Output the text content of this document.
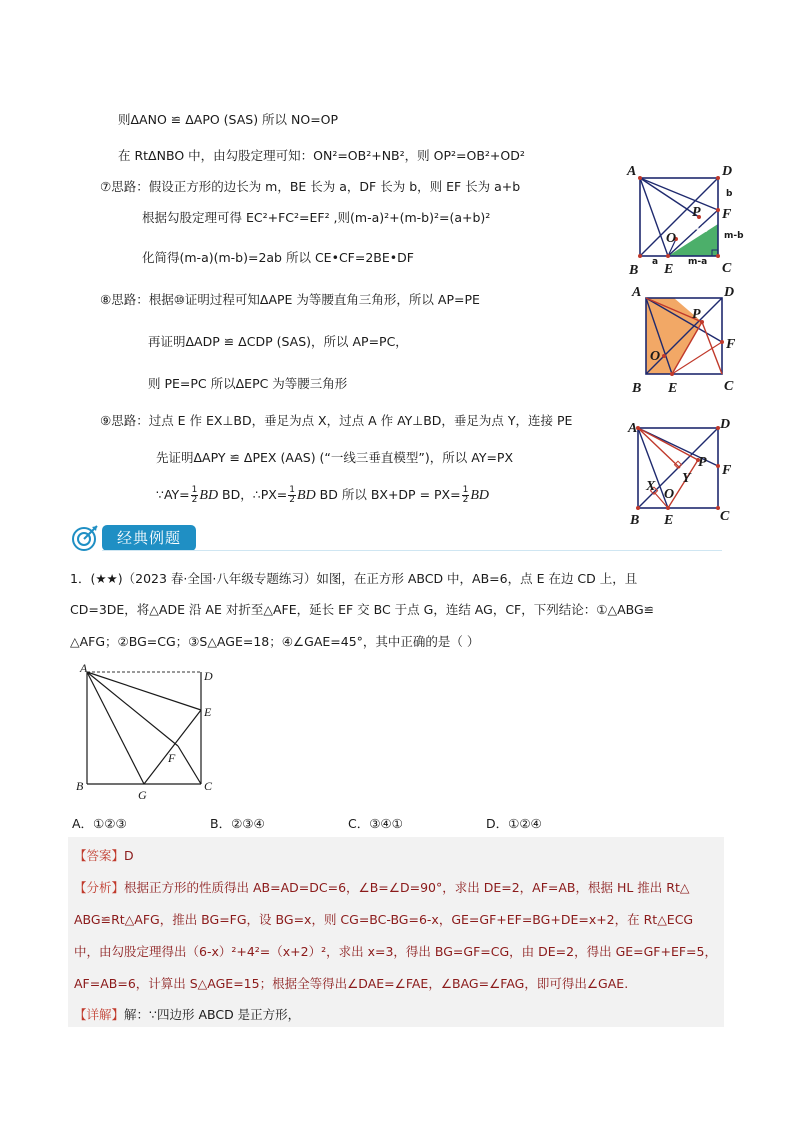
则ΔANO ≌ ΔAPO (SAS) 所以 NO=OP
在 RtΔNBO 中，由勾股定理可知：ON²=OB²+NB²，则 OP²=OB²+OD²
⑦思路：假设正方形的边长为 m，BE 长为 a，DF 长为 b，则 EF 长为 a+b
根据勾股定理可得 EC²+FC²=EF² ,则(m-a)²+(m-b)²=(a+b)²
化简得(m-a)(m-b)=2ab 所以 CE•CF=2BE•DF
⑧思路：根据⑩证明过程可知ΔAPE 为等腰直角三角形，所以 AP=PE
再证明ΔADP ≌ ΔCDP (SAS)，所以 AP=PC，
则 PE=PC 所以ΔEPC 为等腰三角形
⑨思路：过点 E 作 EX⊥BD，垂足为点 X，过点 A 作 AY⊥BD，垂足为点 Y，连接 PE
先证明ΔAPY ≌ ΔPEX (AAS) (“一线三垂直模型”)，所以 AY=PX
∵AY= $\frac{1}{2}$ BD BD，∴PX= $\frac{1}{2}$ BD BD 所以 $BX+DP = PX= \frac{1}{2}$ BD
A	D
B	C
E
F
P
O
b
a+b
m-b
a	m-a
A	D
B	C
E
F
P
O
A	D
B	C
E
F
P
Y
X
O
经典例题
1．(★★)（2023 春·全国·八年级专题练习）如图，在正方形 ABCD 中，AB=6，点 E 在边 CD 上，且
CD=3DE，将△ADE 沿 AE 对折至△AFE，延长 EF 交 BC 于点 G，连结 AG，CF，下列结论：①△ABG≌
△AFG；②BG=CG；③S△AGE=18；④∠GAE=45°，其中正确的是（ ）
A
D
E
F
B	C
G
A．①②③	B．②③④	C．③④①	D．①②④
【答案】D
【分析】根据正方形的性质得出 AB=AD=DC=6，∠B=∠D=90°，求出 DE=2，AF=AB，根据 HL 推出 Rt△
ABG≌Rt△AFG，推出 BG=FG，设 BG=x，则 CG=BC-BG=6-x，GE=GF+EF=BG+DE=x+2，在 Rt△ECG
中，由勾股定理得出（6-x）²+4²=（x+2）²，求出 x=3，得出 BG=GF=CG，由 DE=2，得出 GE=GF+EF=5，
AF=AB=6，计算出 S△AGE=15；根据全等得出∠DAE=∠FAE，∠BAG=∠FAG，即可得出∠GAE.
【详解】解：∵四边形 ABCD 是正方形，
